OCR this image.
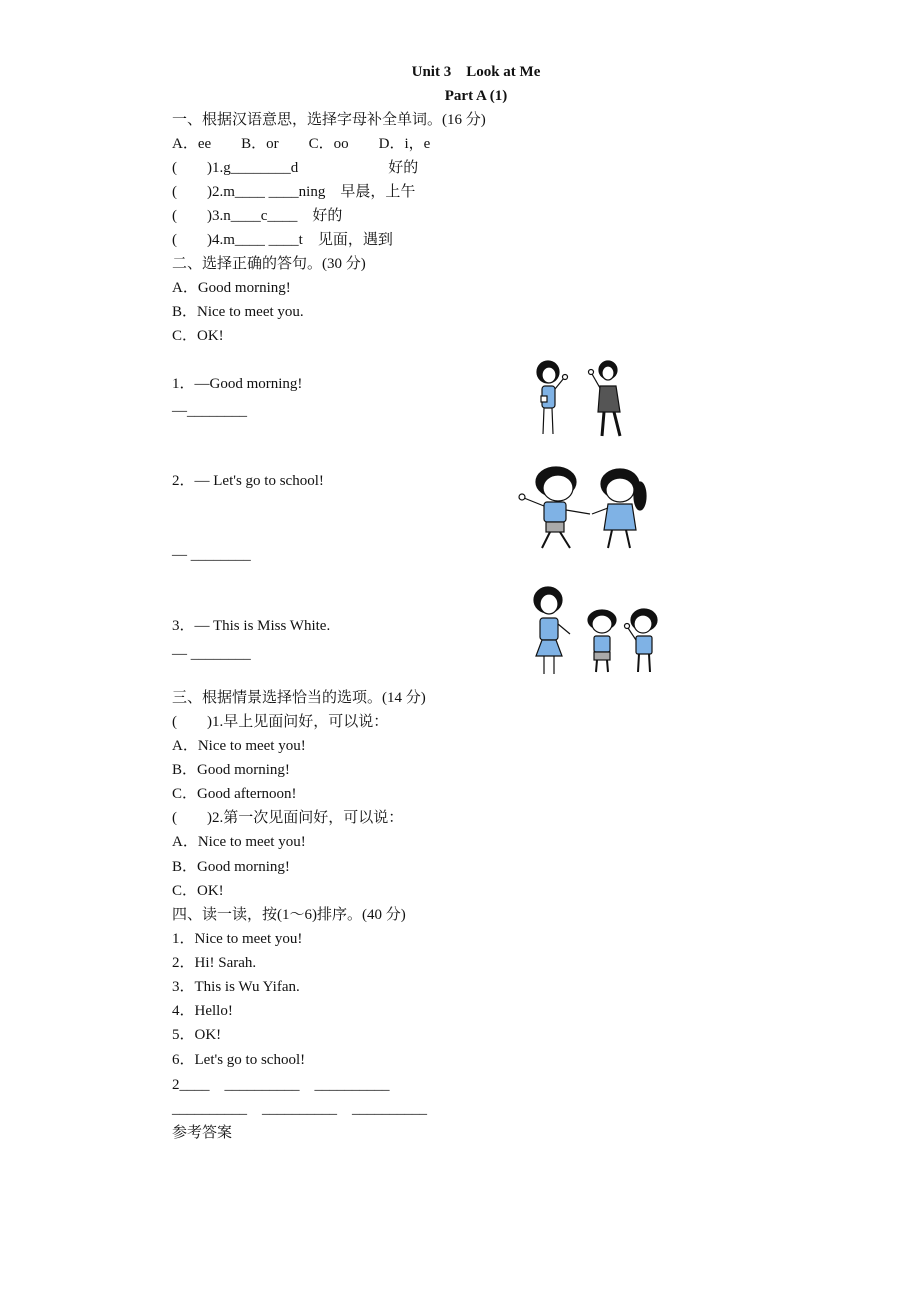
Unit 3　Look at Me
Part A (1)
一、根据汉语意思，选择字母补全单词。(16 分)
A．ee　　B．or　　C．oo　　D．i，e
(　　)1.g________d　　　　　　好的
(　　)2.m____ ____ning　早晨，上午
(　　)3.n____c____　好的
(　　)4.m____ ____t　见面，遇到
二、选择正确的答句。(30 分)
A．Good morning!
B．Nice to meet you.
C．OK!
1．—Good morning!
—________
2．— Let's go to school!
— ________
3．— This is Miss White.
— ________
三、根据情景选择恰当的选项。(14 分)
(　　)1.早上见面问好，可以说：
A．Nice to meet you!
B．Good morning!
C．Good afternoon!
(　　)2.第一次见面问好，可以说：
A．Nice to meet you!
B．Good morning!
C．OK!
四、读一读，按(1～6)排序。(40 分)
1．Nice to meet you!
2．Hi! Sarah.
3．This is Wu Yifan.
4．Hello!
5．OK!
6．Let's go to school!
2____　__________　__________
__________　__________　__________
参考答案
